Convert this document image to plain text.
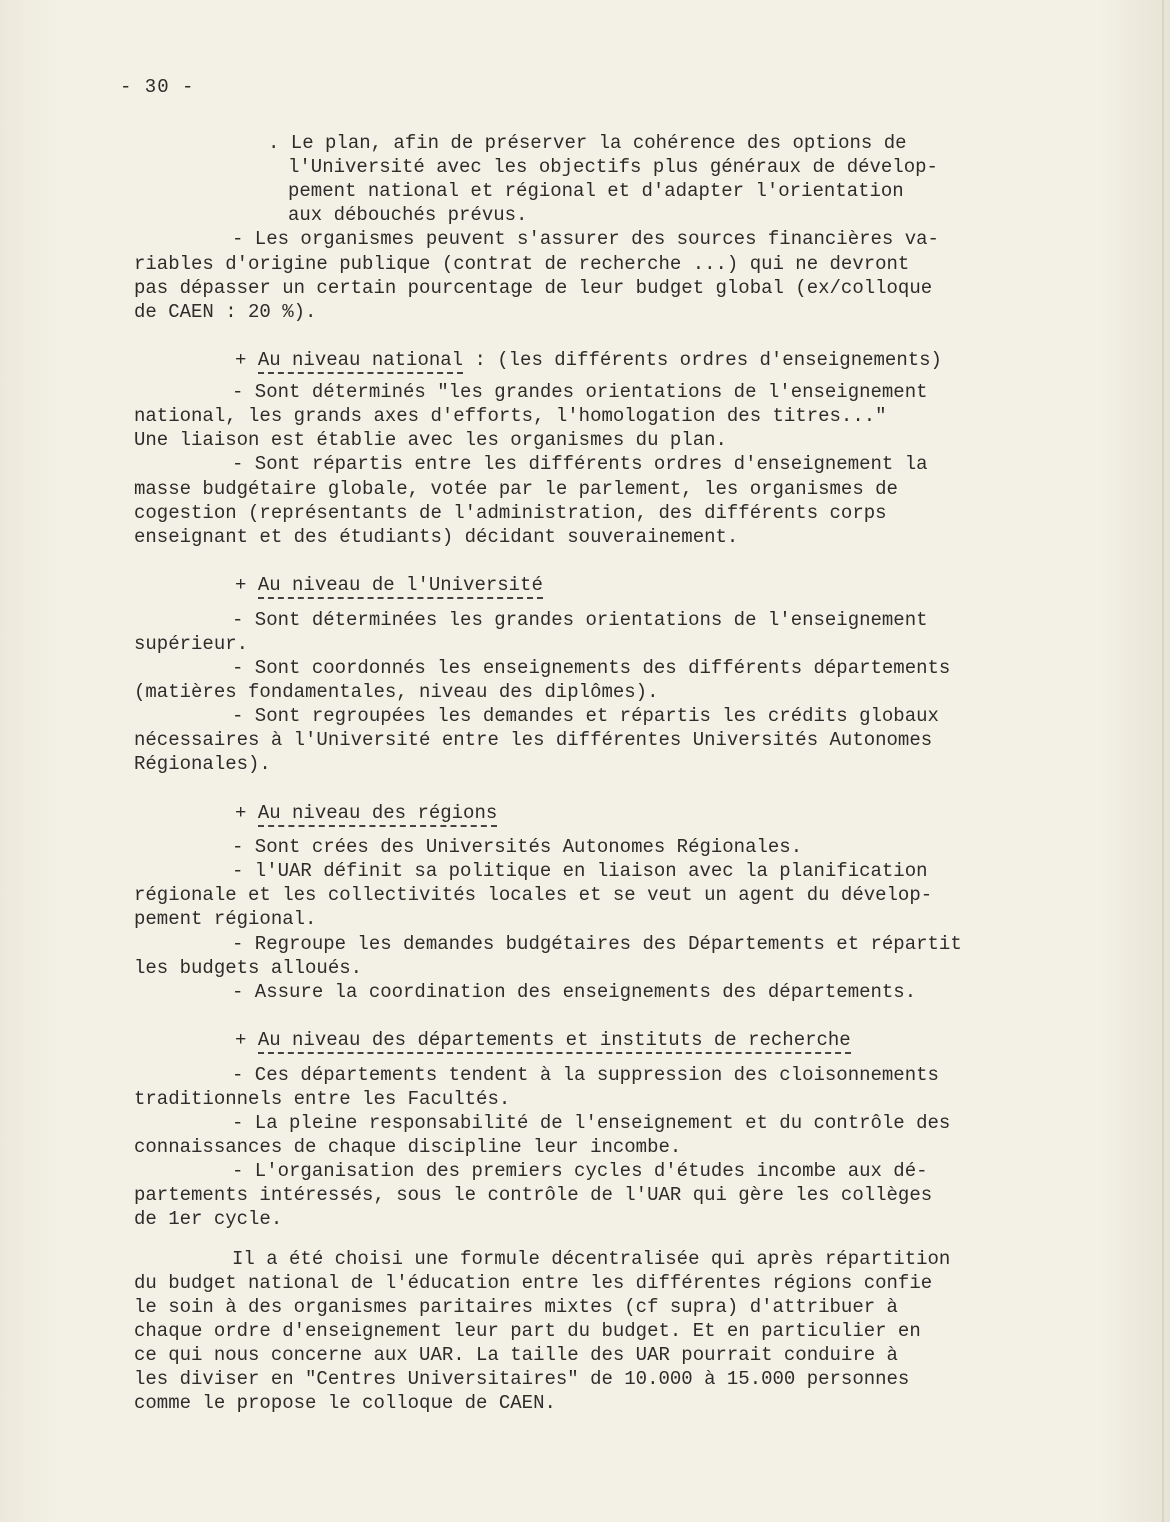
- 30 -
. Le plan, afin de préserver la cohérence des options de
l'Université avec les objectifs plus généraux de dévelop-
pement national et régional et d'adapter l'orientation
aux débouchés prévus.
- Les organismes peuvent s'assurer des sources financières va-
riables d'origine publique (contrat de recherche ...) qui ne devront
pas dépasser un certain pourcentage de leur budget global (ex/colloque
de CAEN : 20 %).
+ Au niveau national : (les différents ordres d'enseignements)
- Sont déterminés "les grandes orientations de l'enseignement
national, les grands axes d'efforts, l'homologation des titres..."
Une liaison est établie avec les organismes du plan.
- Sont répartis entre les différents ordres d'enseignement la
masse budgétaire globale, votée par le parlement, les organismes de
cogestion (représentants de l'administration, des différents corps
enseignant et des étudiants) décidant souverainement.
+ Au niveau de l'Université
- Sont déterminées les grandes orientations de l'enseignement
supérieur.
- Sont coordonnés les enseignements des différents départements
(matières fondamentales, niveau des diplômes).
- Sont regroupées les demandes et répartis les crédits globaux
nécessaires à l'Université entre les différentes Universités Autonomes
Régionales).
+ Au niveau des régions
- Sont crées des Universités Autonomes Régionales.
- l'UAR définit sa politique en liaison avec la planification
régionale et les collectivités locales et se veut un agent du dévelop-
pement régional.
- Regroupe les demandes budgétaires des Départements et répartit
les budgets alloués.
- Assure la coordination des enseignements des départements.
+ Au niveau des départements et instituts de recherche
- Ces départements tendent à la suppression des cloisonnements
traditionnels entre les Facultés.
- La pleine responsabilité de l'enseignement et du contrôle des
connaissances de chaque discipline leur incombe.
- L'organisation des premiers cycles d'études incombe aux dé-
partements intéressés, sous le contrôle de l'UAR qui gère les collèges
de 1er cycle.
Il a été choisi une formule décentralisée qui après répartition
du budget national de l'éducation entre les différentes régions confie
le soin à des organismes paritaires mixtes (cf supra) d'attribuer à
chaque ordre d'enseignement leur part du budget. Et en particulier en
ce qui nous concerne aux UAR. La taille des UAR pourrait conduire à
les diviser en "Centres Universitaires" de 10.000 à 15.000 personnes
comme le propose le colloque de CAEN.
